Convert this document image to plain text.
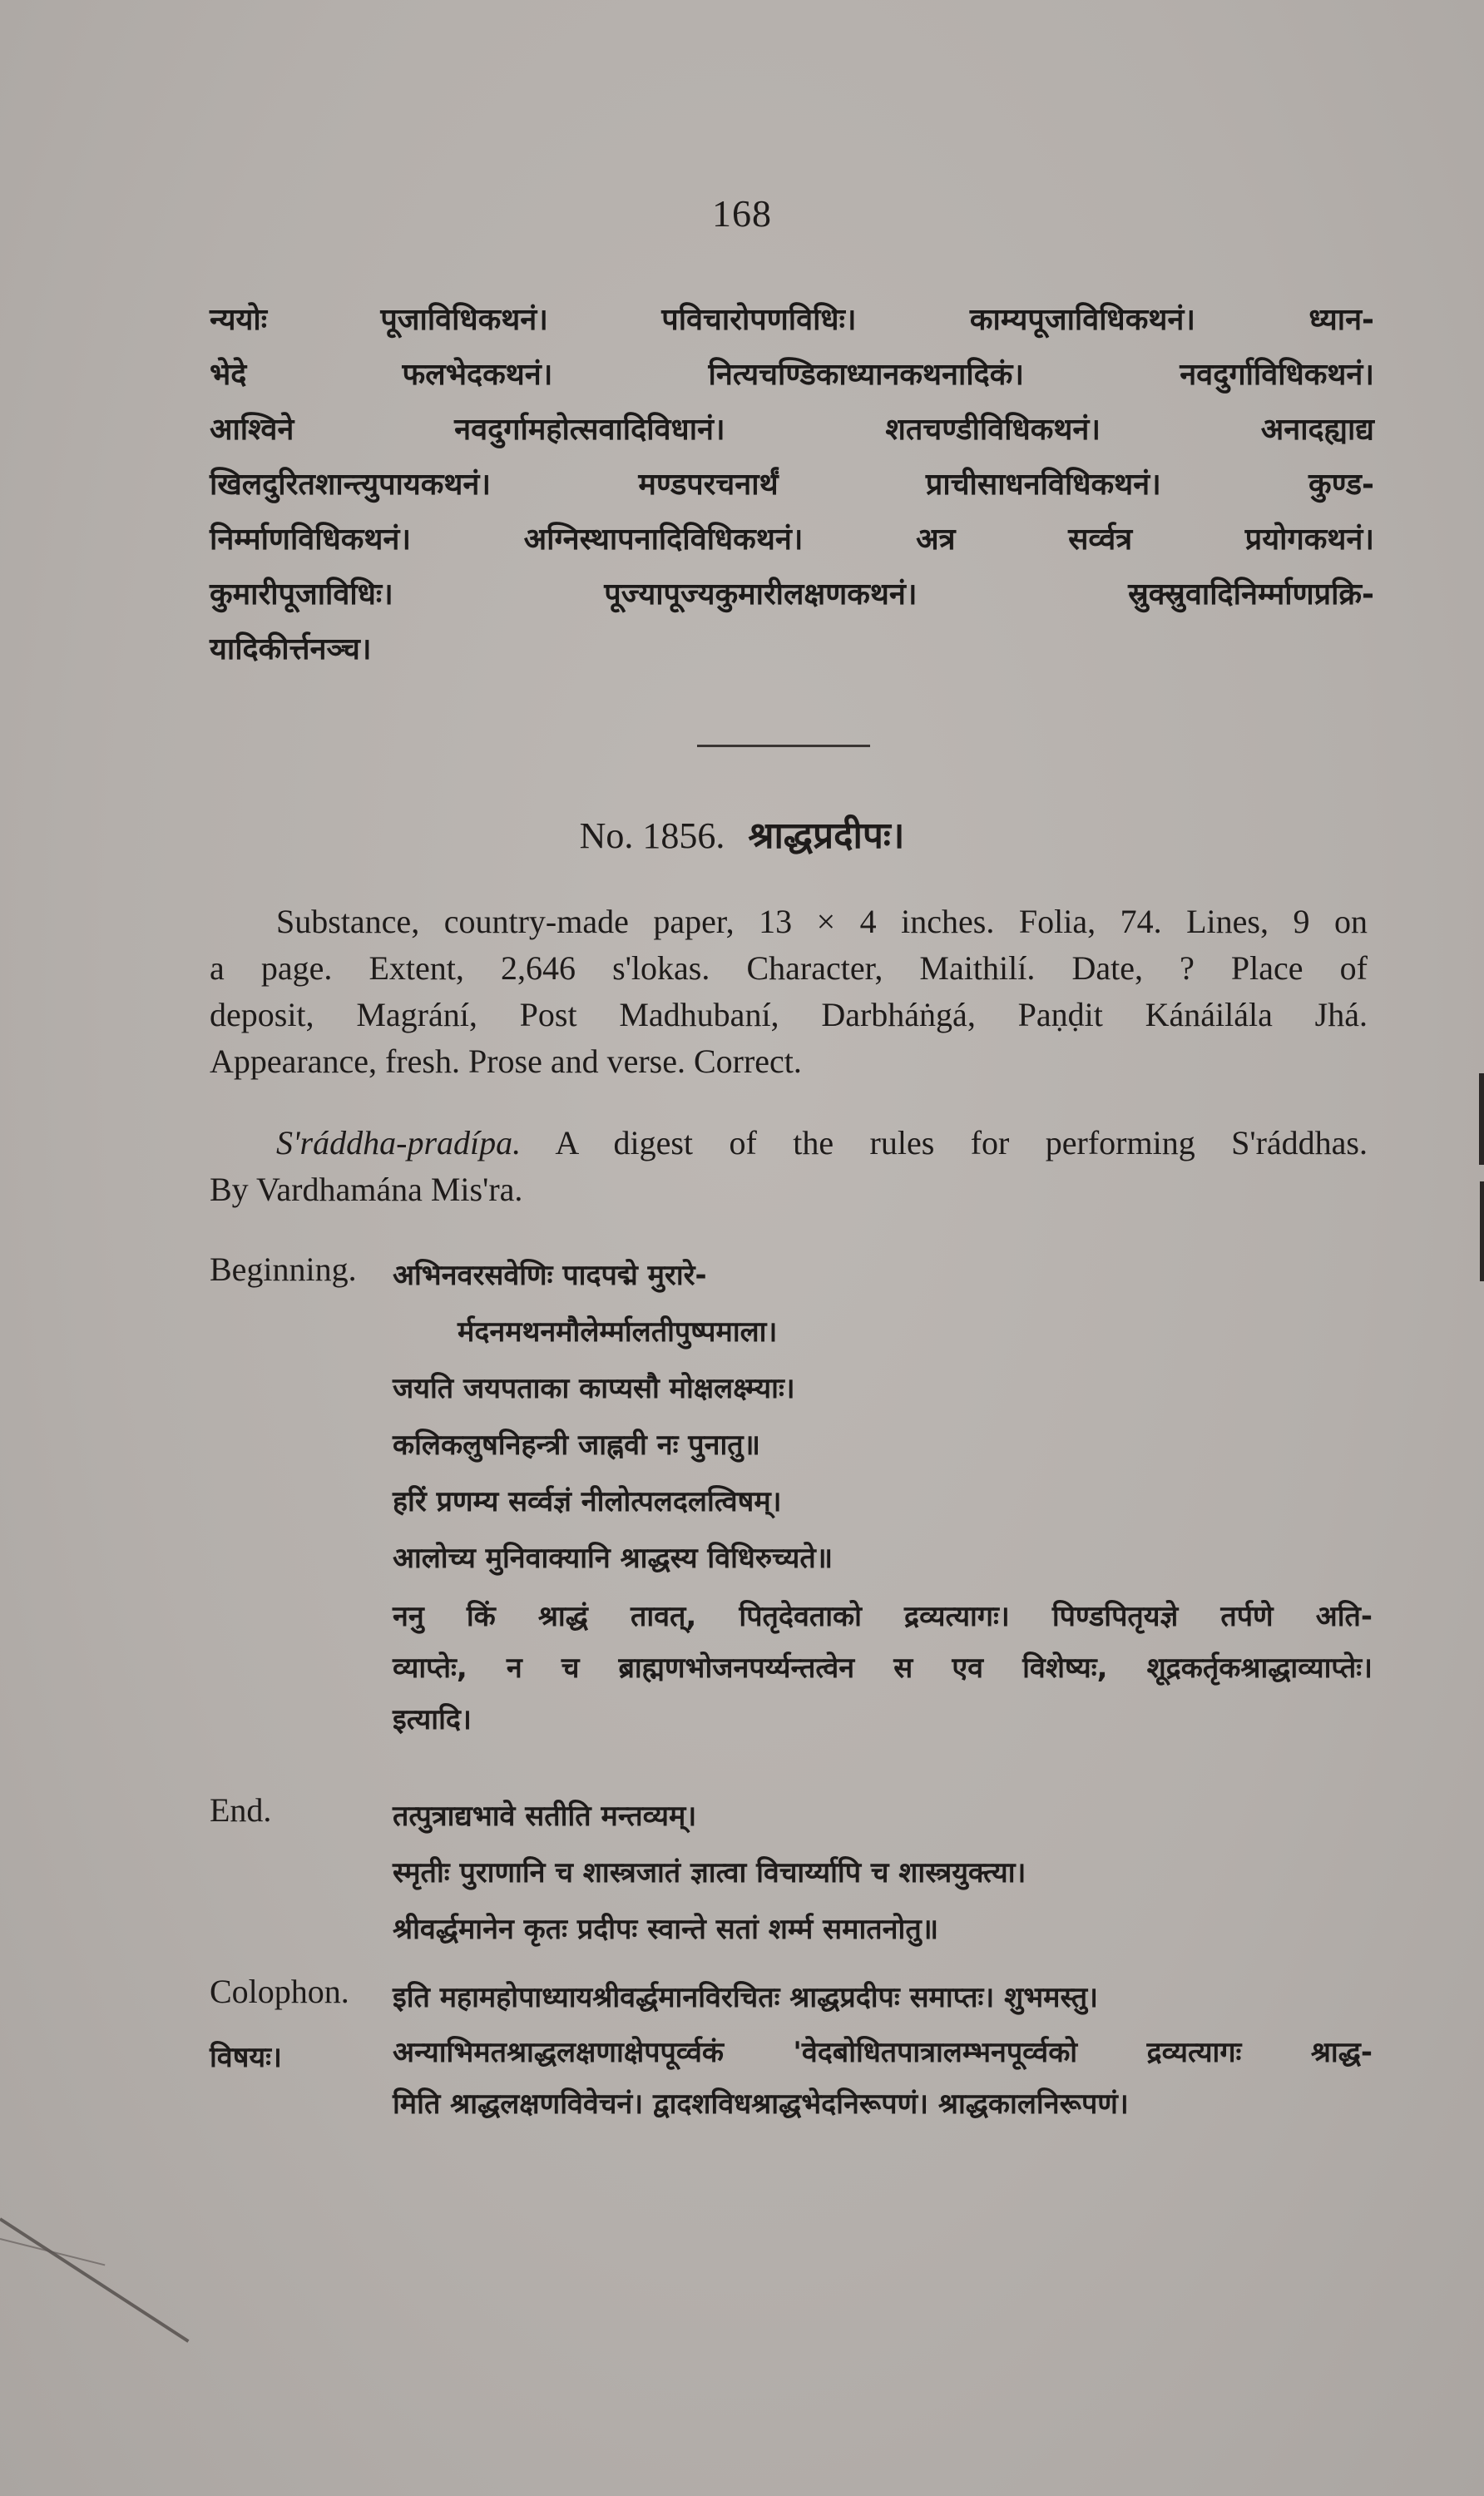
168
न्ययोः पूजाविधिकथनं। पविचारोपणविधिः। काम्यपूजाविधिकथनं। ध्यान-
भेदे फलभेदकथनं। नित्यचण्डिकाध्यानकथनादिकं। नवदुर्गाविधिकथनं।
आश्विने नवदुर्गामहोत्सवादिविधानं। शतचण्डीविधिकथनं। अनादह्याद्य
खिलदुरितशान्त्युपायकथनं। मण्डपरचनार्थं प्राचीसाधनविधिकथनं। कुण्ड-
निर्म्माणविधिकथनं। अग्निस्थापनादिविधिकथनं। अत्र सर्व्वत्र प्रयोगकथनं।
कुमारीपूजाविधिः। पूज्यापूज्यकुमारीलक्षणकथनं। स्रुक्स्रुवादिनिर्म्माणप्रक्रि-
यादिकीर्त्तनञ्च।
No. 1856. श्राद्धप्रदीपः।
Substance, country-made paper, 13 × 4 inches. Folia, 74. Lines, 9 on
a page. Extent, 2,646 s'lokas. Character, Maithilí. Date, ? Place of
deposit, Magrání, Post Madhubaní, Darbháṅgá, Paṇḍit Kánáilála Jhá.
Appearance, fresh. Prose and verse. Correct.
S'ráddha-pradípa. A digest of the rules for performing S'ráddhas.
By Vardhamána Mis'ra.
Beginning. अभिनवरसवेणिः पादपद्मे मुरारे-
र्मदनमथनमौलेर्म्मालतीपुष्पमाला।
जयति जयपताका काप्यसौ मोक्षलक्ष्म्याः।
कलिकलुषनिहन्त्री जाह्नवी नः पुनातु॥
हरिं प्रणम्य सर्व्वज्ञं नीलोत्पलदलत्विषम्।
आलोच्य मुनिवाक्यानि श्राद्धस्य विधिरुच्यते॥
ननु किं श्राद्धं तावत्, पितृदेवताको द्रव्यत्यागः। पिण्डपितृयज्ञे तर्पणे अति-
व्याप्तेः, न च ब्राह्मणभोजनपर्य्यन्तत्वेन स एव विशेष्यः, शूद्रकर्तृकश्राद्धाव्याप्तेः।
इत्यादि।
End.	तत्पुत्राद्यभावे सतीति मन्तव्यम्।
स्मृतीः पुराणानि च शास्त्रजातं ज्ञात्वा विचार्य्यापि च शास्त्रयुक्त्या।
श्रीवर्द्धमानेन कृतः प्रदीपः स्वान्ते सतां शर्म्म समातनोतु॥
Colophon. इति महामहोपाध्यायश्रीवर्द्धमानविरचितः श्राद्धप्रदीपः समाप्तः। शुभमस्तु।
विषयः।	अन्याभिमतश्राद्धलक्षणाक्षेपपूर्व्वकं 'वेदबोधितपात्रालम्भनपूर्व्वको द्रव्यत्यागः श्राद्ध-
मिति श्राद्धलक्षणविवेचनं। द्वादशविधश्राद्धभेदनिरूपणं। श्राद्धकालनिरूपणं।
